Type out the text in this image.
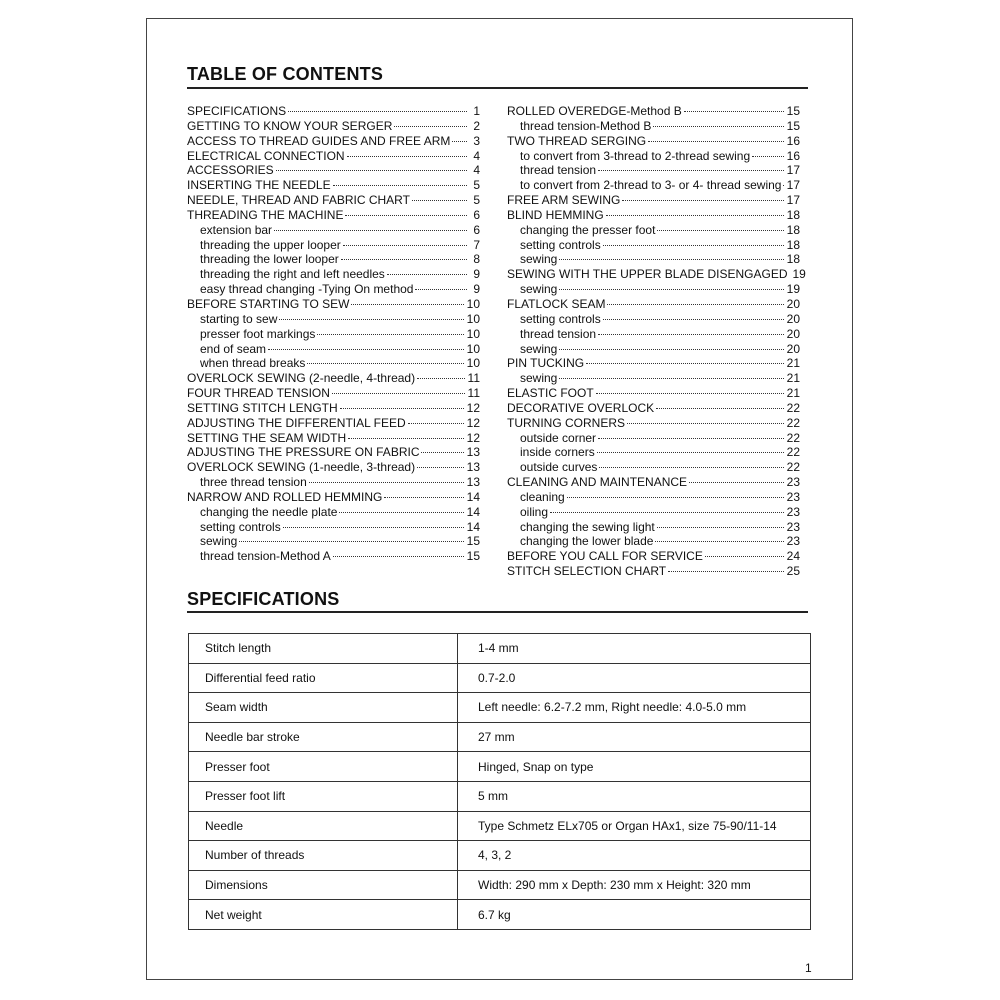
TABLE OF CONTENTS
SPECIFICATIONS	1
GETTING TO KNOW YOUR SERGER	2
ACCESS TO THREAD GUIDES AND FREE ARM 3
ELECTRICAL CONNECTION	4
ACCESSORIES	4
INSERTING THE NEEDLE	5
NEEDLE, THREAD AND FABRIC CHART	5
THREADING THE MACHINE	6
extension bar	6
threading the upper looper	7
threading the lower looper	8
threading the right and left needles	9
easy thread changing -Tying On method	9
BEFORE STARTING TO SEW	10
starting to sew	10
presser foot markings	10
end of seam	10
when thread breaks	10
OVERLOCK SEWING (2-needle, 4-thread)	11
FOUR THREAD TENSION	11
SETTING STITCH LENGTH	12
ADJUSTING THE DIFFERENTIAL FEED	12
SETTING THE SEAM WIDTH	12
ADJUSTING THE PRESSURE ON FABRIC	13
OVERLOCK SEWING (1-needle, 3-thread)	13
three thread tension	13
NARROW AND ROLLED HEMMING	14
changing the needle plate	14
setting controls	14
sewing	15
thread tension-Method A	15
ROLLED OVEREDGE-Method B	15
thread tension-Method B	15
TWO THREAD SERGING	16
to convert from 3-thread to 2-thread sewing	16
thread tension	17
to convert from 2-thread to 3- or 4- thread sewing 17
FREE ARM SEWING	17
BLIND HEMMING	18
changing the presser foot	18
setting controls	18
sewing	18
SEWING WITH THE UPPER BLADE DISENGAGED 19
sewing	19
FLATLOCK SEAM	20
setting controls	20
thread tension	20
sewing	20
PIN TUCKING	21
sewing	21
ELASTIC FOOT	21
DECORATIVE OVERLOCK	22
TURNING CORNERS	22
outside corner	22
inside corners	22
outside curves	22
CLEANING AND MAINTENANCE	23
cleaning	23
oiling	23
changing the sewing light	23
changing the lower blade	23
BEFORE YOU CALL FOR SERVICE	24
STITCH SELECTION CHART	25
SPECIFICATIONS
Stitch length	1-4 mm
Differential feed ratio	0.7-2.0
Seam width	Left needle: 6.2-7.2 mm, Right needle: 4.0-5.0 mm
Needle bar stroke	27 mm
Presser foot	Hinged, Snap on type
Presser foot lift	5 mm
Needle	Type Schmetz ELx705 or Organ HAx1, size 75-90/11-14
Number of threads	4, 3, 2
Dimensions	Width: 290 mm x Depth: 230 mm x Height: 320 mm
Net weight	6.7 kg
1
